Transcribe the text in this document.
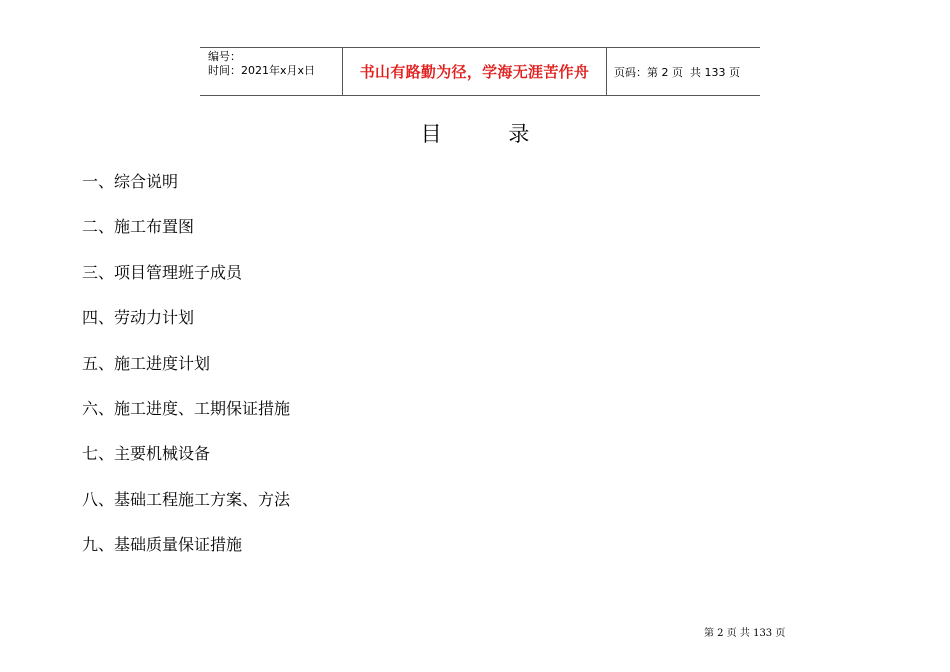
编号：
时间：2021年x月x日	书山有路勤为径，学海无涯苦作舟 页码：第 2 页  共 133 页
目          录
一、综合说明
二、施工布置图
三、项目管理班子成员
四、劳动力计划
五、施工进度计划
六、施工进度、工期保证措施
七、主要机械设备
八、基础工程施工方案、方法
九、基础质量保证措施
第 2 页 共 133 页
